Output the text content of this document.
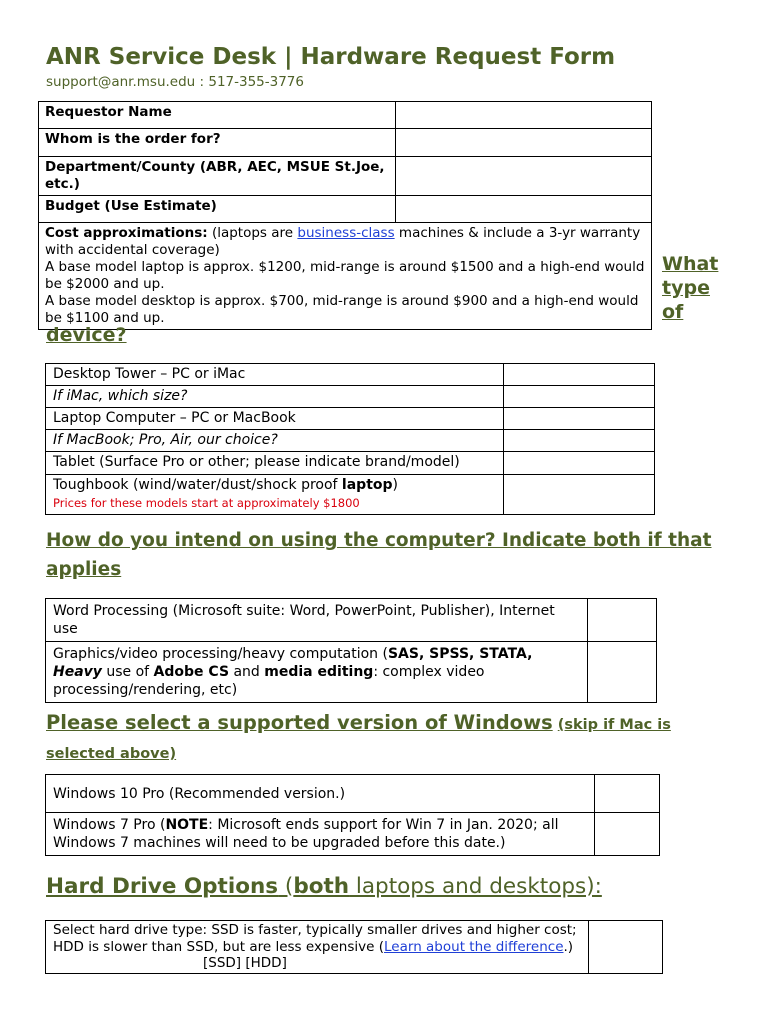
ANR Service Desk | Hardware Request Form
support@anr.msu.edu : 517-355-3776
Requestor Name	
Whom is the order for?	
Department/County (ABR, AEC, MSUE St.Joe, etc.)	
Budget (Use Estimate)	
Cost approximations: (laptops are business-class machines & include a 3-yr warranty with accidental coverage)
A base model laptop is approx. $1200, mid-range is around $1500 and a high-end would be $2000 and up.
A base model desktop is approx. $700, mid-range is around $900 and a high-end would be $1100 and up.	
What
type
of
device?
Desktop Tower – PC or iMac	
If iMac, which size?	
Laptop Computer – PC or MacBook	
If MacBook; Pro, Air, our choice?	
Tablet (Surface Pro or other; please indicate brand/model)	
Toughbook (wind/water/dust/shock proof laptop)
Prices for these models start at approximately $1800	
How do you intend on using the computer? Indicate both if that applies
Word Processing (Microsoft suite: Word, PowerPoint, Publisher), Internet use	
Graphics/video processing/heavy computation (SAS, SPSS, STATA,
Heavy use of Adobe CS and media editing: complex video processing/rendering, etc)	
Please select a supported version of Windows (skip if Mac is selected above)
Windows 10 Pro (Recommended version.)	
Windows 7 Pro (NOTE: Microsoft ends support for Win 7 in Jan. 2020; all Windows 7 machines will need to be upgraded before this date.)	
Hard Drive Options (both laptops and desktops):
Select hard drive type: SSD is faster, typically smaller drives and higher cost; HDD is slower than SSD, but are less expensive (Learn about the difference.) [SSD] [HDD]	
